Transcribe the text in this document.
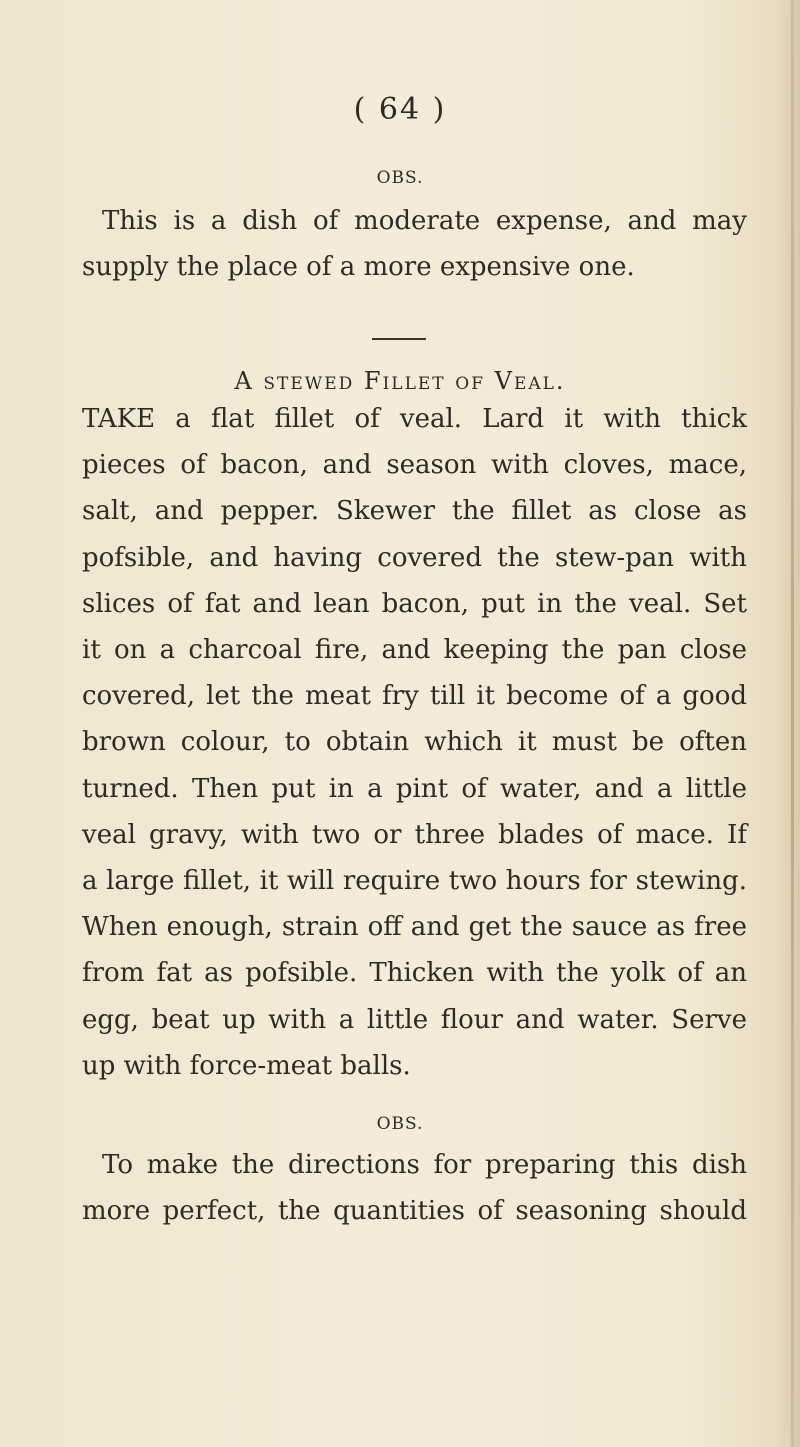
( 64 )
OBS.
This is a dish of moderate expense, and may
supply the place of a more expensive one.
A stewed Fillet of Veal.
TAKE a flat fillet of veal. Lard it with thick
pieces of bacon, and season with cloves, mace,
salt, and pepper. Skewer the fillet as close as
pofsible, and having covered the stew-pan with
slices of fat and lean bacon, put in the veal. Set
it on a charcoal fire, and keeping the pan close
covered, let the meat fry till it become of a good
brown colour, to obtain which it must be often
turned. Then put in a pint of water, and a little
veal gravy, with two or three blades of mace. If
a large fillet, it will require two hours for stewing.
When enough, strain off and get the sauce as free
from fat as pofsible. Thicken with the yolk of an
egg, beat up with a little flour and water. Serve
up with force-meat balls.
OBS.
To make the directions for preparing this dish
more perfect, the quantities of seasoning should
